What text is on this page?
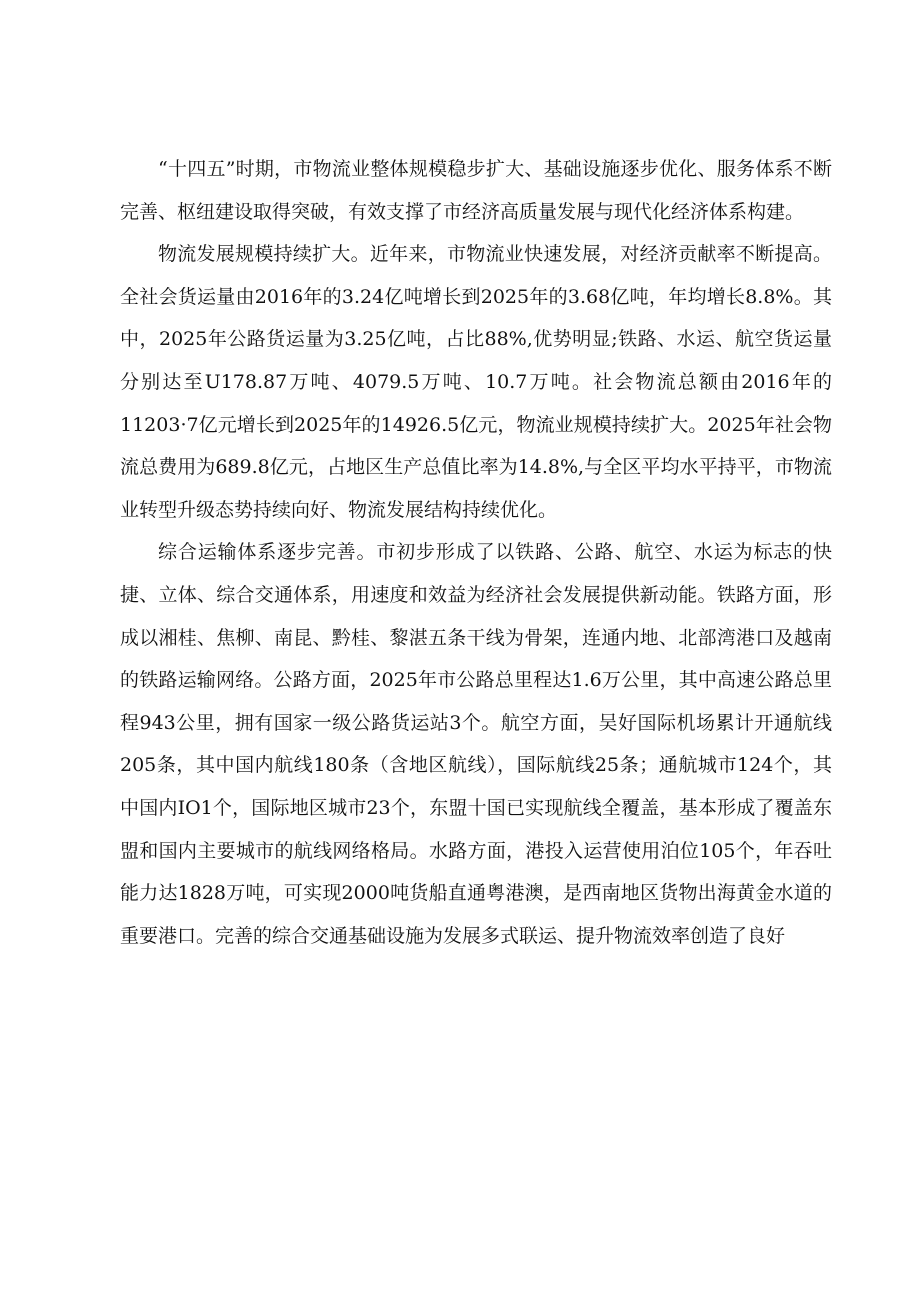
“十四五”时期，市物流业整体规模稳步扩大、基础设施逐步优化、服务体系不断完善、枢纽建设取得突破，有效支撑了市经济高质量发展与现代化经济体系构建。

物流发展规模持续扩大。近年来，市物流业快速发展，对经济贡献率不断提高。全社会货运量由2016年的3.24亿吨增长到2025年的3.68亿吨，年均增长8.8%。其中，2025年公路货运量为3.25亿吨，占比88%,优势明显;铁路、水运、航空货运量分别达至U178.87万吨、4079.5万吨、10.7万吨。社会物流总额由2016年的11203·7亿元增长到2025年的14926.5亿元，物流业规模持续扩大。2025年社会物流总费用为689.8亿元，占地区生产总值比率为14.8%,与全区平均水平持平，市物流业转型升级态势持续向好、物流发展结构持续优化。

综合运输体系逐步完善。市初步形成了以铁路、公路、航空、水运为标志的快捷、立体、综合交通体系，用速度和效益为经济社会发展提供新动能。铁路方面，形成以湘桂、焦柳、南昆、黔桂、黎湛五条干线为骨架，连通内地、北部湾港口及越南的铁路运输网络。公路方面，2025年市公路总里程达1.6万公里，其中高速公路总里程943公里，拥有国家一级公路货运站3个。航空方面，吴好国际机场累计开通航线205条，其中国内航线180条（含地区航线），国际航线25条；通航城市124个，其中国内IO1个，国际地区城市23个，东盟十国已实现航线全覆盖，基本形成了覆盖东盟和国内主要城市的航线网络格局。水路方面，港投入运营使用泊位105个，年吞吐能力达1828万吨，可实现2000吨货船直通粤港澳，是西南地区货物出海黄金水道的重要港口。完善的综合交通基础设施为发展多式联运、提升物流效率创造了良好
